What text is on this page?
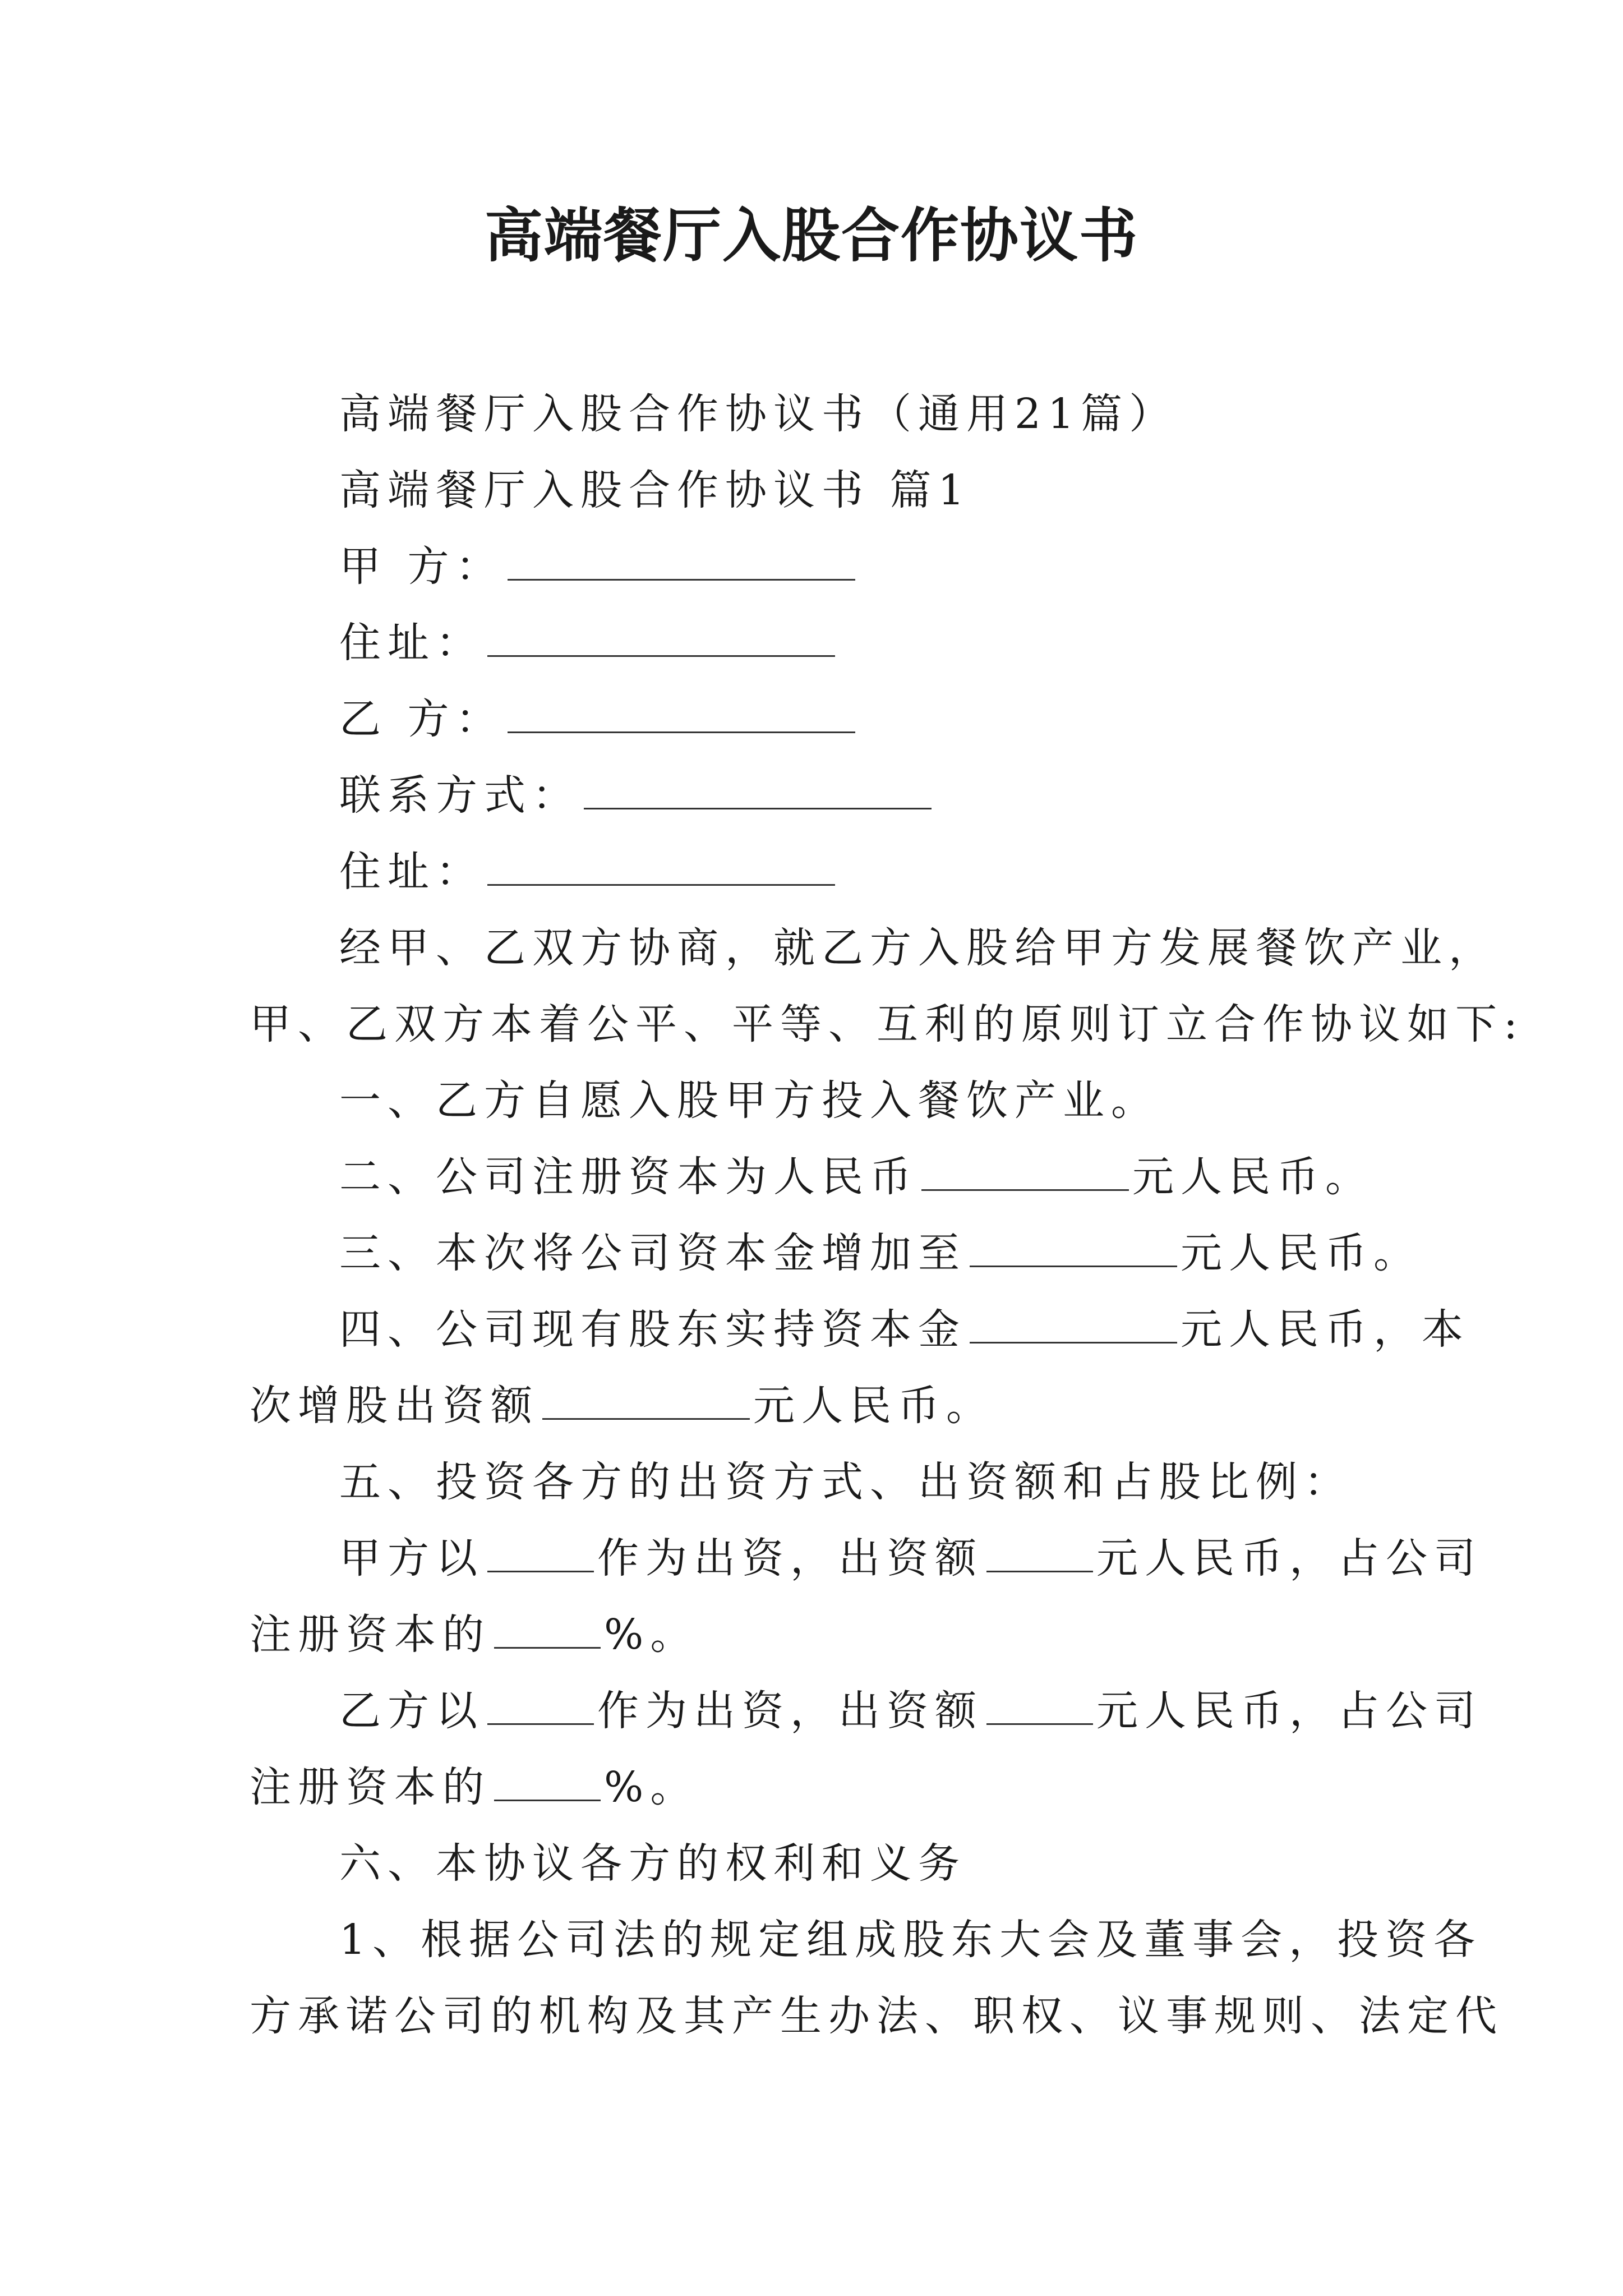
高端餐厅入股合作协议书

高端餐厅入股合作协议书（通用21篇）

高端餐厅入股合作协议书 篇1

甲 方：

住址：

乙 方：

联系方式：

住址：

经甲、乙双方协商，就乙方入股给甲方发展餐饮产业，

甲、乙双方本着公平、平等、互利的原则订立合作协议如下:

一、乙方自愿入股甲方投入餐饮产业。

二、公司注册资本为人民币	元人民币。

三、本次将公司资本金增加至	元人民币。

四、公司现有股东实持资本金	元人民币，本

次增股出资额	元人民币。

五、投资各方的出资方式、出资额和占股比例：

甲方以	作为出资，出资额	元人民币，占公司

注册资本的	%。

乙方以	作为出资，出资额	元人民币，占公司

注册资本的	%。

六、本协议各方的权利和义务

1、根据公司法的规定组成股东大会及董事会，投资各

方承诺公司的机构及其产生办法、职权、议事规则、法定代
